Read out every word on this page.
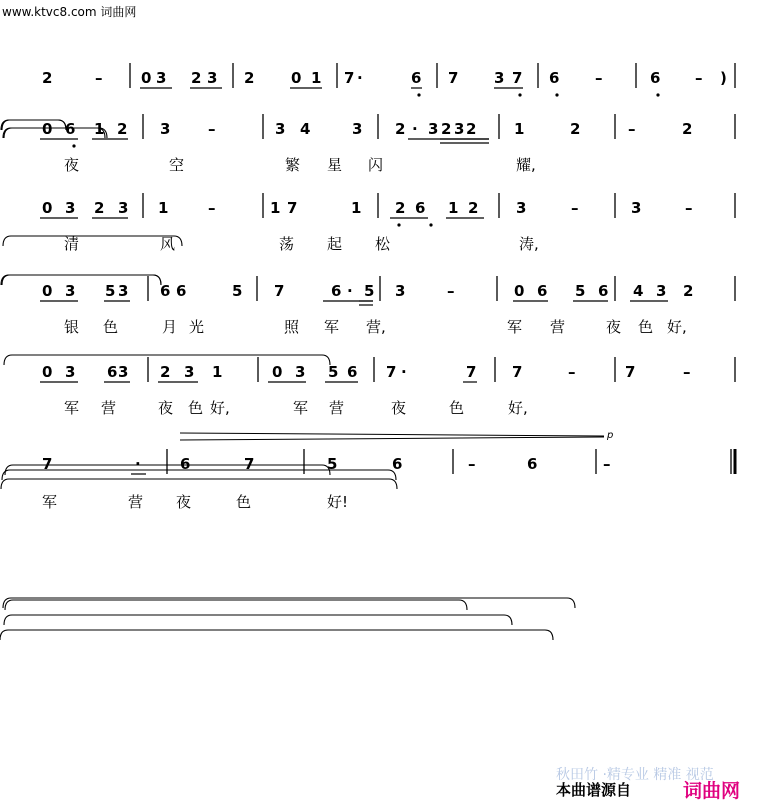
www.ktvc8.com 词曲网
2	–	0 3 2 3 2 0 1 7 ·	6 7 3 7 6 –	6 – )
0 6 1 2 3	–	3 4	3 2 · 3 2 3 2	1	2	–	2
0 3 2 3 1	–	1 7	1 2 6 1 2	3	–	3	–
0 3 5 3 6 6	5 7	6 · 5 3	–	0 6 5 6 4 3 2
0 3 6 3 2 3 1	0 3 5 6 7 ·	7 7	–	7	–
7	·	6	7	5	6	–	6	–
夜	空	繁 星 闪	耀,
清	风	荡 起 松	涛,
银 色	月 光	照 军 营,	军 营	夜 色 好,
军 营	夜 色 好,	军 营	夜	色	好,
军	营 夜	色	好!
p
秋田竹 ·精专业 精准 视范
本曲谱源自	词曲网
